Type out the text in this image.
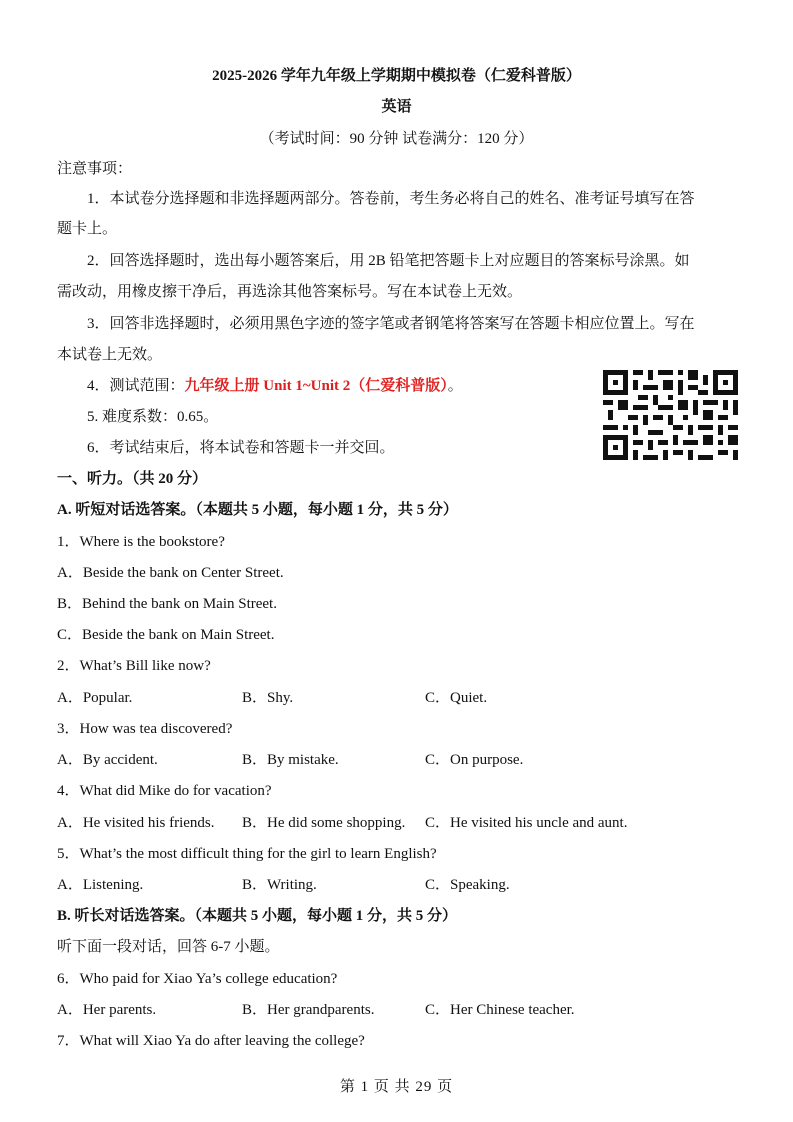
2025-2026 学年九年级上学期期中模拟卷（仁爱科普版）
英语
（考试时间：90 分钟 试卷满分：120 分）
注意事项：
1．本试卷分选择题和非选择题两部分。答卷前，考生务必将自己的姓名、准考证号填写在答
题卡上。
2．回答选择题时，选出每小题答案后，用 2B 铅笔把答题卡上对应题目的答案标号涂黑。如
需改动，用橡皮擦干净后，再选涂其他答案标号。写在本试卷上无效。
3．回答非选择题时，必须用黑色字迹的签字笔或者钢笔将答案写在答题卡相应位置上。写在
本试卷上无效。
4．测试范围：九年级上册 Unit 1~Unit 2（仁爱科普版）。
5. 难度系数：0.65。
6．考试结束后，将本试卷和答题卡一并交回。
一、听力。（共 20 分）
A. 听短对话选答案。（本题共 5 小题，每小题 1 分，共 5 分）
1．Where is the bookstore?
A．Beside the bank on Center Street.
B．Behind the bank on Main Street.
C．Beside the bank on Main Street.
2．What’s Bill like now?
A．Popular.	B．Shy.	C．Quiet.
3．How was tea discovered?
A．By accident.	B．By mistake.	C．On purpose.
4．What did Mike do for vacation?
A．He visited his friends. B．He did some shopping. C．He visited his uncle and aunt.
5．What’s the most difficult thing for the girl to learn English?
A．Listening.	B．Writing.	C．Speaking.
B. 听长对话选答案。（本题共 5 小题，每小题 1 分，共 5 分）
听下面一段对话，回答 6-7 小题。
6．Who paid for Xiao Ya’s college education?
A．Her parents.	B．Her grandparents.	C．Her Chinese teacher.
7．What will Xiao Ya do after leaving the college?
第 1 页 共 29 页
